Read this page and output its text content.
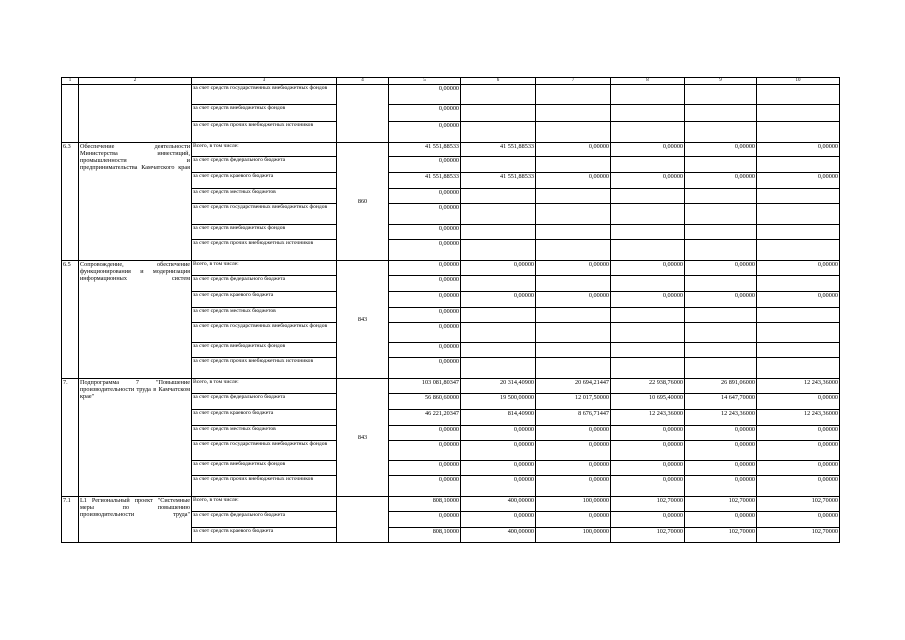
1	2	3	4	5	6	7	8	9	10
		за счет средств государственных внебюджетных фондов		0,00000					
		за счет средств внебюджетных фондов		0,00000					
		за счет средств прочих внебюджетных источников		0,00000					
6.3	Обеспечение деятельности Министерства инвестиций, промышленности и предпринимательства Камчатского края	Всего, в том числе:	860	41 551,88533	41 551,88533	0,00000	0,00000	0,00000	0,00000
		за счет средств федерального бюджета		0,00000					
		за счет средств краевого бюджета		41 551,88533	41 551,88533	0,00000	0,00000	0,00000	0,00000
		за счет средств местных бюджетов		0,00000					
		за счет средств государственных внебюджетных фондов		0,00000					
		за счет средств внебюджетных фондов		0,00000					
		за счет средств прочих внебюджетных источников		0,00000					
6.5	Сопровождение, обеспечение функционирования и модернизация информационных систем	Всего, в том числе:	843	0,00000	0,00000	0,00000	0,00000	0,00000	0,00000
		за счет средств федерального бюджета		0,00000					
		за счет средств краевого бюджета		0,00000	0,00000	0,00000	0,00000	0,00000	0,00000
		за счет средств местных бюджетов		0,00000					
		за счет средств государственных внебюджетных фондов		0,00000					
		за счет средств внебюджетных фондов		0,00000					
		за счет средств прочих внебюджетных источников		0,00000					
7.	Подпрограмма 7 "Повышение производительности труда в Камчатском крае"	Всего, в том числе:	843	103 081,80347	20 314,40900	20 694,21447	22 938,76000	26 891,06000	12 243,36000
		за счет средств федерального бюджета		56 860,60000	19 500,00000	12 017,50000	10 695,40000	14 647,70000	0,00000
		за счет средств краевого бюджета		46 221,20347	814,40900	8 676,71447	12 243,36000	12 243,36000	12 243,36000
		за счет средств местных бюджетов		0,00000	0,00000	0,00000	0,00000	0,00000	0,00000
		за счет средств государственных внебюджетных фондов		0,00000	0,00000	0,00000	0,00000	0,00000	0,00000
		за счет средств внебюджетных фондов		0,00000	0,00000	0,00000	0,00000	0,00000	0,00000
		за счет средств прочих внебюджетных источников		0,00000	0,00000	0,00000	0,00000	0,00000	0,00000
7.1	L1 Региональный проект "Системные меры по повышению производительности труда"	Всего, в том числе:		808,10000	400,00000	100,00000	102,70000	102,70000	102,70000
		за счет средств федерального бюджета		0,00000	0,00000	0,00000	0,00000	0,00000	0,00000
		за счет средств краевого бюджета		808,10000	400,00000	100,00000	102,70000	102,70000	102,70000
